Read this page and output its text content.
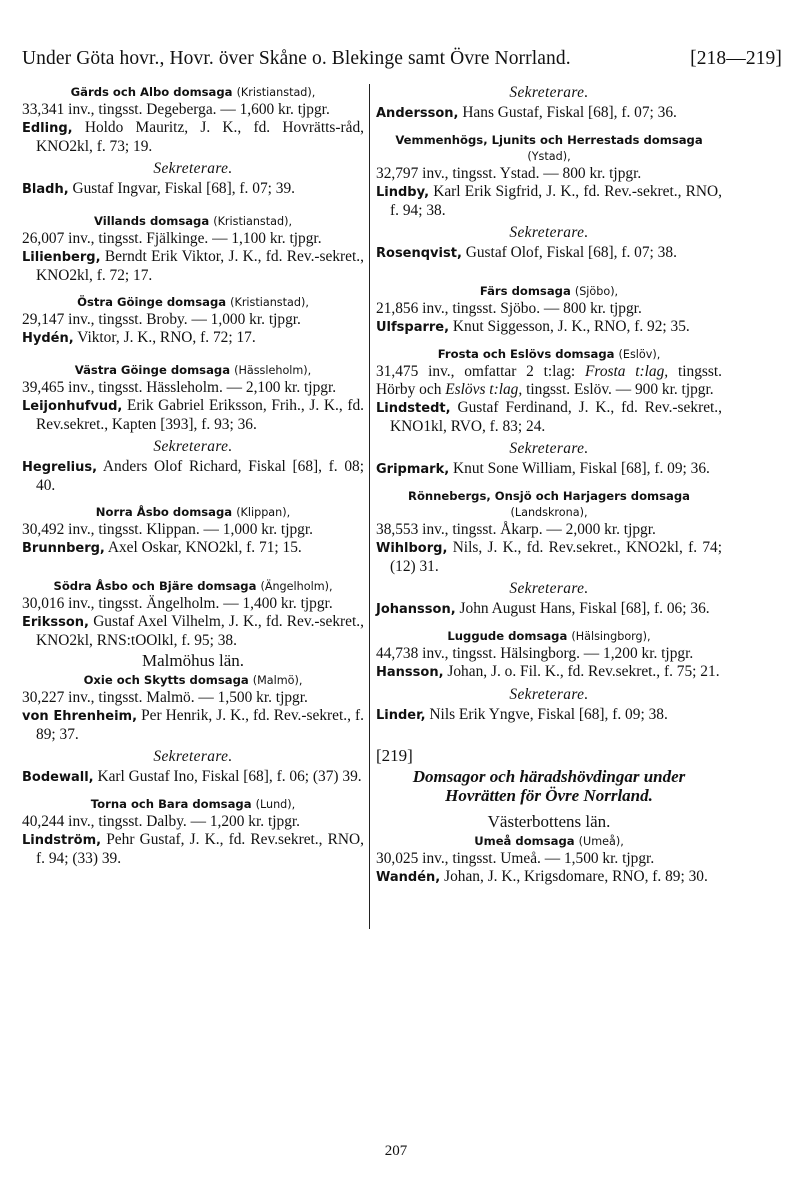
Under Göta hovr., Hovr. över Skåne o. Blekinge samt Övre Norrland.	[218—219]

Gärds och Albo domsaga (Kristianstad),

33,341 inv., tingsst. Degeberga. — 1,600 kr. tjpgr.

Edling, Holdo Mauritz, J. K., fd. Hovrätts-råd, KNO2kl, f. 73; 19.

Sekreterare.

Bladh, Gustaf Ingvar, Fiskal [68], f. 07; 39.

Villands domsaga (Kristianstad),

26,007 inv., tingsst. Fjälkinge. — 1,100 kr. tjpgr.

Lilienberg, Berndt Erik Viktor, J. K., fd. Rev.-sekret., KNO2kl, f. 72; 17.

Östra Göinge domsaga (Kristianstad),

29,147 inv., tingsst. Broby. — 1,000 kr. tjpgr.

Hydén, Viktor, J. K., RNO, f. 72; 17.

Västra Göinge domsaga (Hässleholm),

39,465 inv., tingsst. Hässleholm. — 2,100 kr. tjpgr.

Leijonhufvud, Erik Gabriel Eriksson, Frih., J. K., fd. Rev.sekret., Kapten [393], f. 93; 36.

Sekreterare.

Hegrelius, Anders Olof Richard, Fiskal [68], f. 08; 40.

Norra Åsbo domsaga (Klippan),

30,492 inv., tingsst. Klippan. — 1,000 kr. tjpgr.

Brunnberg, Axel Oskar, KNO2kl, f. 71; 15.

Södra Åsbo och Bjäre domsaga (Ängelholm),

30,016 inv., tingsst. Ängelholm. — 1,400 kr. tjpgr.

Eriksson, Gustaf Axel Vilhelm, J. K., fd. Rev.-sekret., KNO2kl, RNS:tOOlkl, f. 95; 38.

Malmöhus län.

Oxie och Skytts domsaga (Malmö),

30,227 inv., tingsst. Malmö. — 1,500 kr. tjpgr.

von Ehrenheim, Per Henrik, J. K., fd. Rev.-sekret., f. 89; 37.

Sekreterare.

Bodewall, Karl Gustaf Ino, Fiskal [68], f. 06; (37) 39.

Torna och Bara domsaga (Lund),

40,244 inv., tingsst. Dalby. — 1,200 kr. tjpgr.

Lindström, Pehr Gustaf, J. K., fd. Rev.sekret., RNO, f. 94; (33) 39.

Sekreterare.

Andersson, Hans Gustaf, Fiskal [68], f. 07; 36.

Vemmenhögs, Ljunits och Herrestads domsaga

(Ystad),

32,797 inv., tingsst. Ystad. — 800 kr. tjpgr.

Lindby, Karl Erik Sigfrid, J. K., fd. Rev.-sekret., RNO, f. 94; 38.

Sekreterare.

Rosenqvist, Gustaf Olof, Fiskal [68], f. 07; 38.

Färs domsaga (Sjöbo),

21,856 inv., tingsst. Sjöbo. — 800 kr. tjpgr.

Ulfsparre, Knut Siggesson, J. K., RNO, f. 92; 35.

Frosta och Eslövs domsaga (Eslöv),

31,475 inv., omfattar 2 t:lag: Frosta t:lag, tingsst. Hörby och Eslövs t:lag, tingsst. Eslöv. — 900 kr. tjpgr.

Lindstedt, Gustaf Ferdinand, J. K., fd. Rev.-sekret., KNO1kl, RVO, f. 83; 24.

Sekreterare.

Gripmark, Knut Sone William, Fiskal [68], f. 09; 36.

Rönnebergs, Onsjö och Harjagers domsaga

(Landskrona),

38,553 inv., tingsst. Åkarp. — 2,000 kr. tjpgr.

Wihlborg, Nils, J. K., fd. Rev.sekret., KNO2kl, f. 74; (12) 31.

Sekreterare.

Johansson, John August Hans, Fiskal [68], f. 06; 36.

Luggude domsaga (Hälsingborg),

44,738 inv., tingsst. Hälsingborg. — 1,200 kr. tjpgr.

Hansson, Johan, J. o. Fil. K., fd. Rev.sekret., f. 75; 21.

Sekreterare.

Linder, Nils Erik Yngve, Fiskal [68], f. 09; 38.

[219]

Domsagor och häradshövdingar under

Hovrätten för Övre Norrland.

Västerbottens län.

Umeå domsaga (Umeå),

30,025 inv., tingsst. Umeå. — 1,500 kr. tjpgr.

Wandén, Johan, J. K., Krigsdomare, RNO, f. 89; 30.

207
